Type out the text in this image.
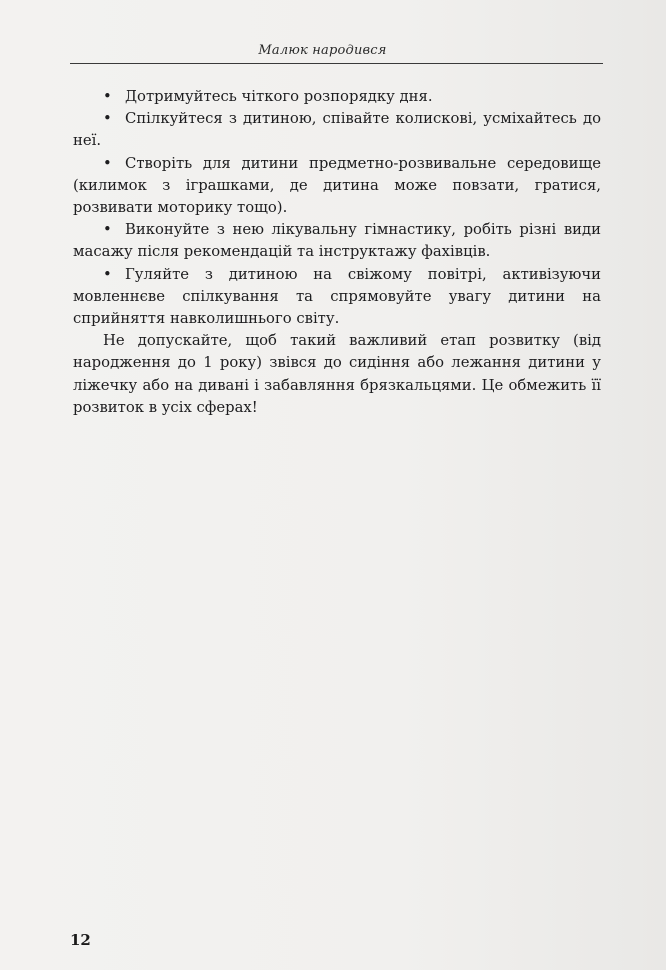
Малюк народився

• Дотримуйтесь чіткого розпорядку дня.

• Спілкуйтеся з дитиною, співайте колискові, усміхайтесь до неї.

• Створіть для дитини предметно-розвивальне середовище (килимок з іграшками, де дитина може повзати, гратися, розвивати моторику тощо).

• Виконуйте з нею лікувальну гімнастику, робіть різні види масажу після рекомендацій та інструктажу фахівців.

• Гуляйте з дитиною на свіжому повітрі, активізуючи мовленнєве спілкування та спрямовуйте увагу дитини на сприйняття навколишнього світу.

Не допускайте, щоб такий важливий етап розвитку (від народження до 1 року) звівся до сидіння або лежання дитини у ліжечку або на дивані і забавляння брязкальцями. Це обмежить її розвиток в усіх сферах!

12
